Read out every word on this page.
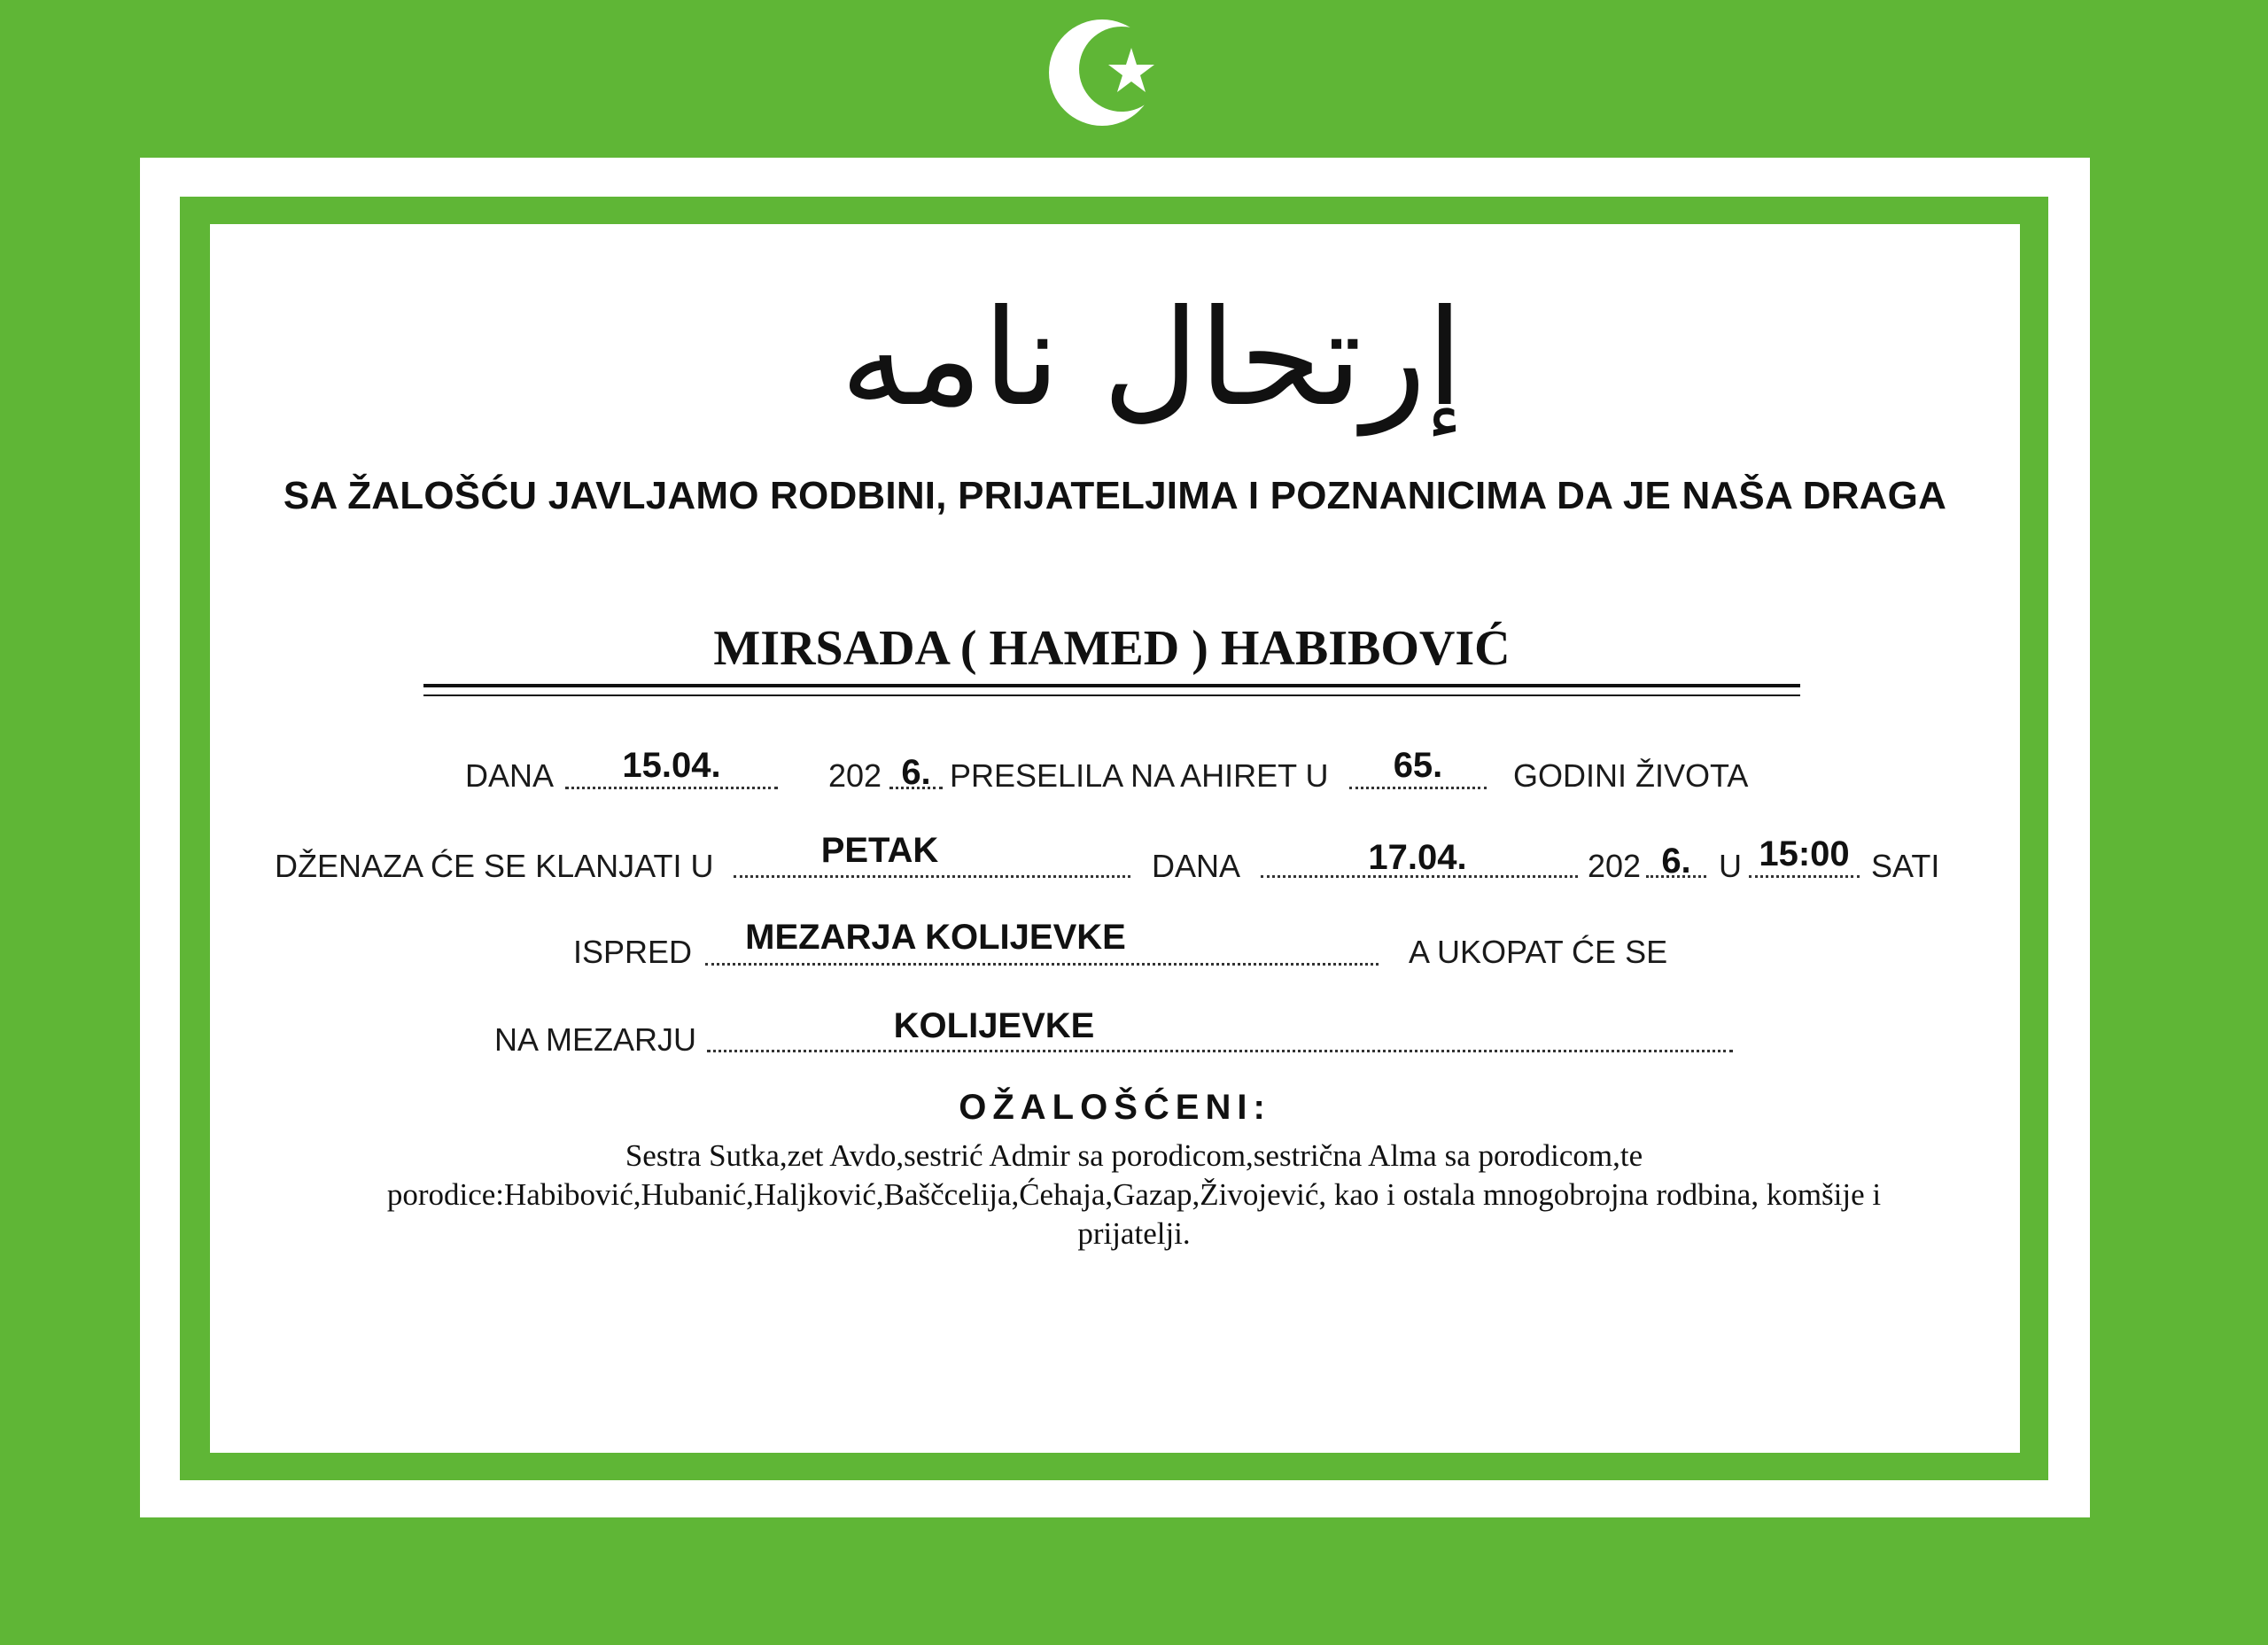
إرتحال نامه
SA ŽALOŠĆU JAVLJAMO RODBINI, PRIJATELJIMA I POZNANICIMA DA JE NAŠA DRAGA
MIRSADA ( HAMED ) HABIBOVIĆ
DANA	15.04.	202 6. PRESELILA NA AHIRET U	65.	GODINI ŽIVOTA
DŽENAZA ĆE SE KLANJATI U	PETAK	DANA	17.04.	202 6. U 15:00 SATI
ISPRED	MEZARJA KOLIJEVKE	A UKOPAT ĆE SE
NA MEZARJU	KOLIJEVKE
OŽALOŠĆENI:
Sestra Sutka,zet Avdo,sestrić Admir sa porodicom,sestrična Alma sa porodicom,te
porodice:Habibović,Hubanić,Haljković,Baščcelija,Ćehaja,Gazap,Živojević, kao i ostala mnogobrojna rodbina, komšije i
prijatelji.
